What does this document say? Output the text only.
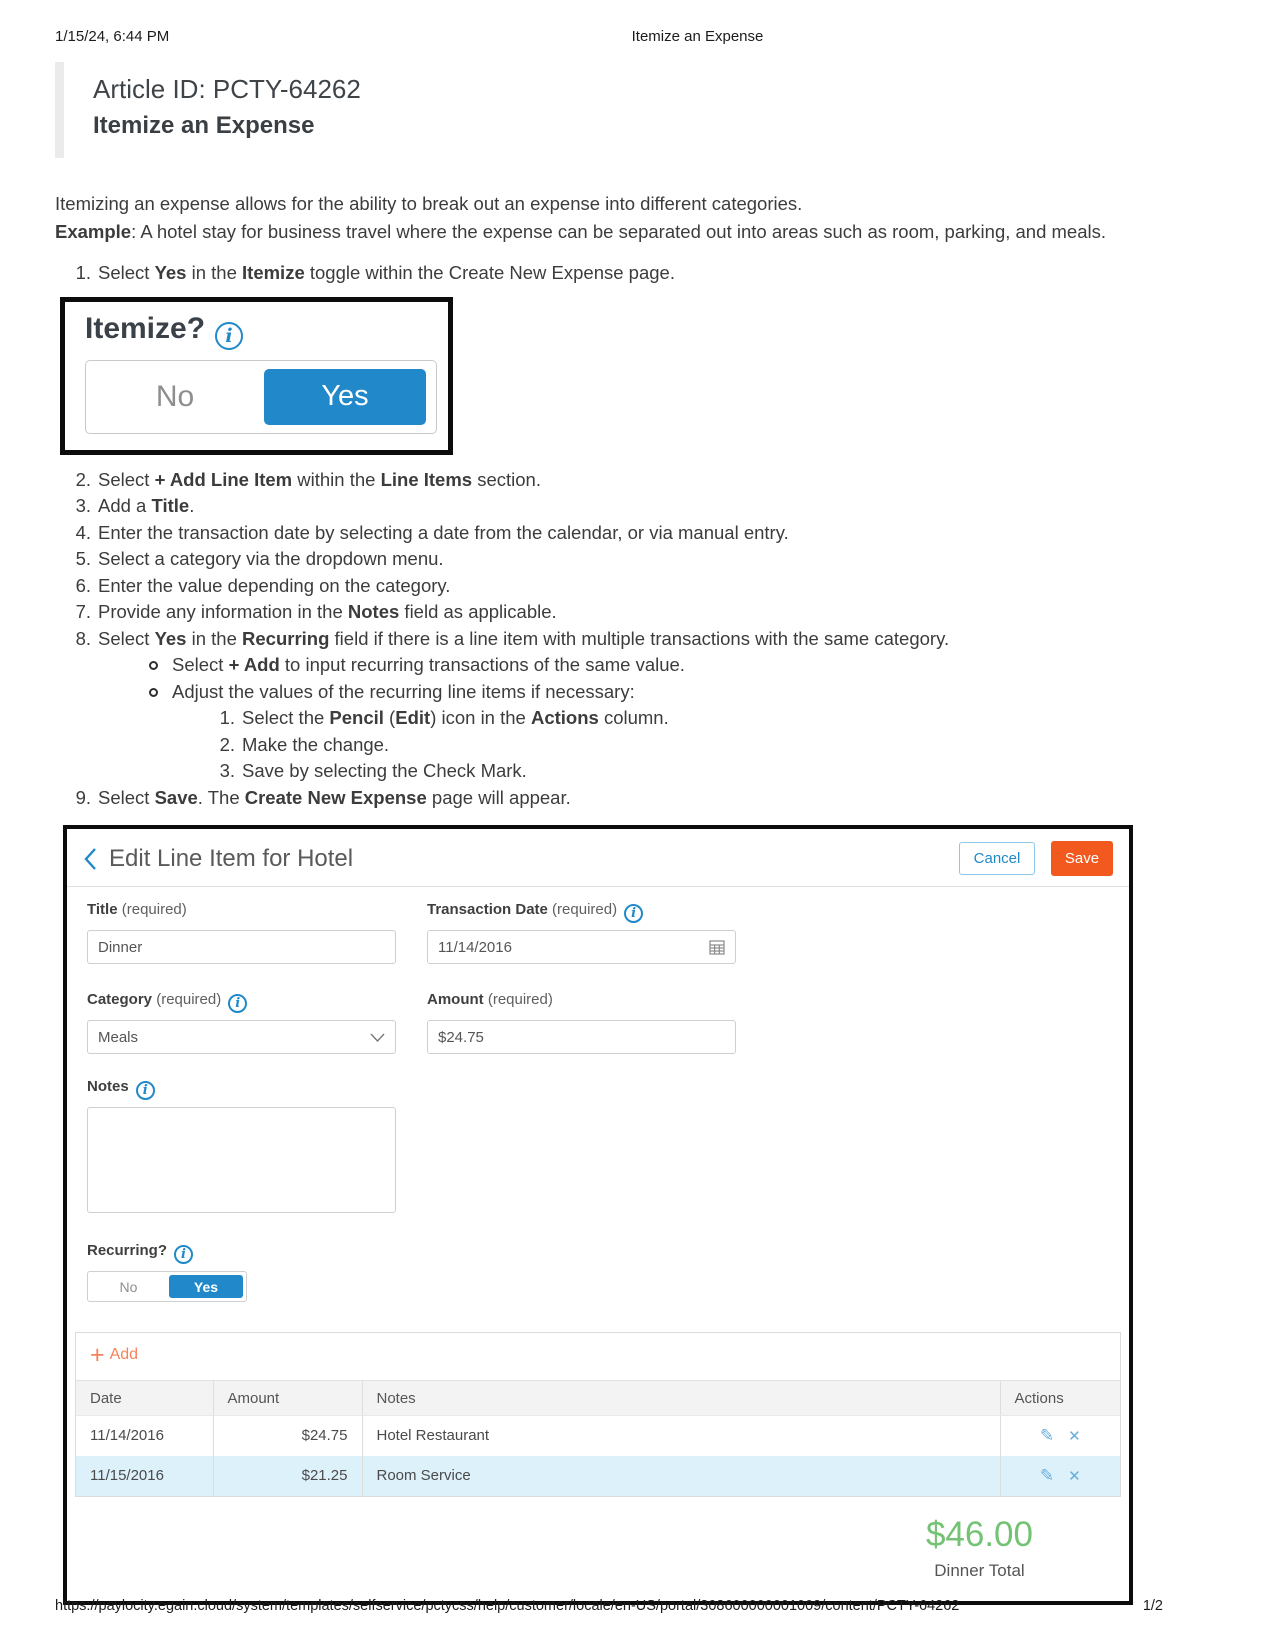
1/15/24, 6:44 PM	Itemize an Expense
Article ID: PCTY-64262
Itemize an Expense
Itemizing an expense allows for the ability to break out an expense into different categories.
Example: A hotel stay for business travel where the expense can be separated out into areas such as room, parking, and meals.
1. Select Yes in the Itemize toggle within the Create New Expense page.
Itemize? i
No	Yes
2. Select + Add Line Item within the Line Items section.
3. Add a Title.
4. Enter the transaction date by selecting a date from the calendar, or via manual entry.
5. Select a category via the dropdown menu.
6. Enter the value depending on the category.
7. Provide any information in the Notes field as applicable.
8. Select Yes in the Recurring field if there is a line item with multiple transactions with the same category.
Select + Add to input recurring transactions of the same value.
Adjust the values of the recurring line items if necessary:
1. Select the Pencil (Edit) icon in the Actions column.
2. Make the change.
3. Save by selecting the Check Mark.
9. Select Save. The Create New Expense page will appear.
Edit Line Item for Hotel	Cancel	Save
Title (required)
Dinner
Transaction Date (required) i
11/14/2016
Category (required) i
Meals
Amount (required)
$24.75
Notes i
Recurring? i
No	Yes
+ Add
Date	Amount	Notes	Actions
11/14/2016	$24.75	Hotel Restaurant	✎ ✕
11/15/2016	$21.25	Room Service	✎ ✕
$46.00
Dinner Total
https://paylocity.egain.cloud/system/templates/selfservice/pctycss/help/customer/locale/en-US/portal/308600000001009/content/PCTY-64262	1/2
